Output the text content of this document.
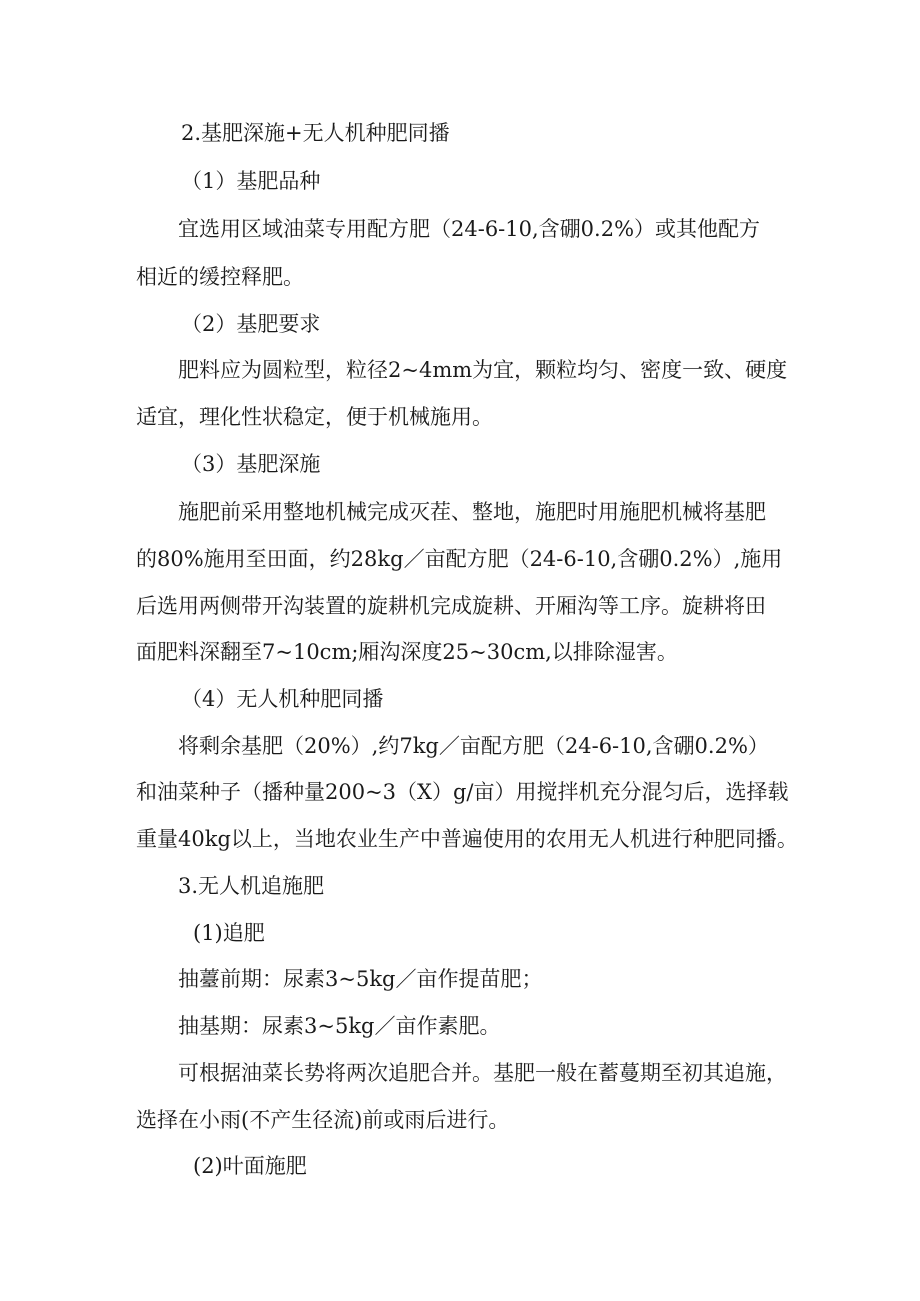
2.基肥深施+无人机种肥同播
（1）基肥品种
宜选用区域油菜专用配方肥（24-6-10,含硼0.2%）或其他配方
相近的缓控释肥。
（2）基肥要求
肥料应为圆粒型，粒径2~4mm为宜，颗粒均匀、密度一致、硬度
适宜，理化性状稳定，便于机械施用。
（3）基肥深施
施肥前采用整地机械完成灭茬、整地，施肥时用施肥机械将基肥
的80%施用至田面，约28kg／亩配方肥（24-6-10,含硼0.2%）,施用
后选用两侧带开沟装置的旋耕机完成旋耕、开厢沟等工序。旋耕将田
面肥料深翻至7~10cm;厢沟深度25~30cm,以排除湿害。
（4）无人机种肥同播
将剩余基肥（20%）,约7kg／亩配方肥（24-6-10,含硼0.2%）
和油菜种子（播种量200~3（X）g/亩）用搅拌机充分混匀后，选择载
重量40kg以上，当地农业生产中普遍使用的农用无人机进行种肥同播。
3.无人机追施肥
(1)追肥
抽薹前期：尿素3~5kg／亩作提苗肥；
抽基期：尿素3~5kg／亩作素肥。
可根据油菜长势将两次追肥合并。基肥一般在蓄蔓期至初其追施，
选择在小雨(不产生径流)前或雨后进行。
(2)叶面施肥
